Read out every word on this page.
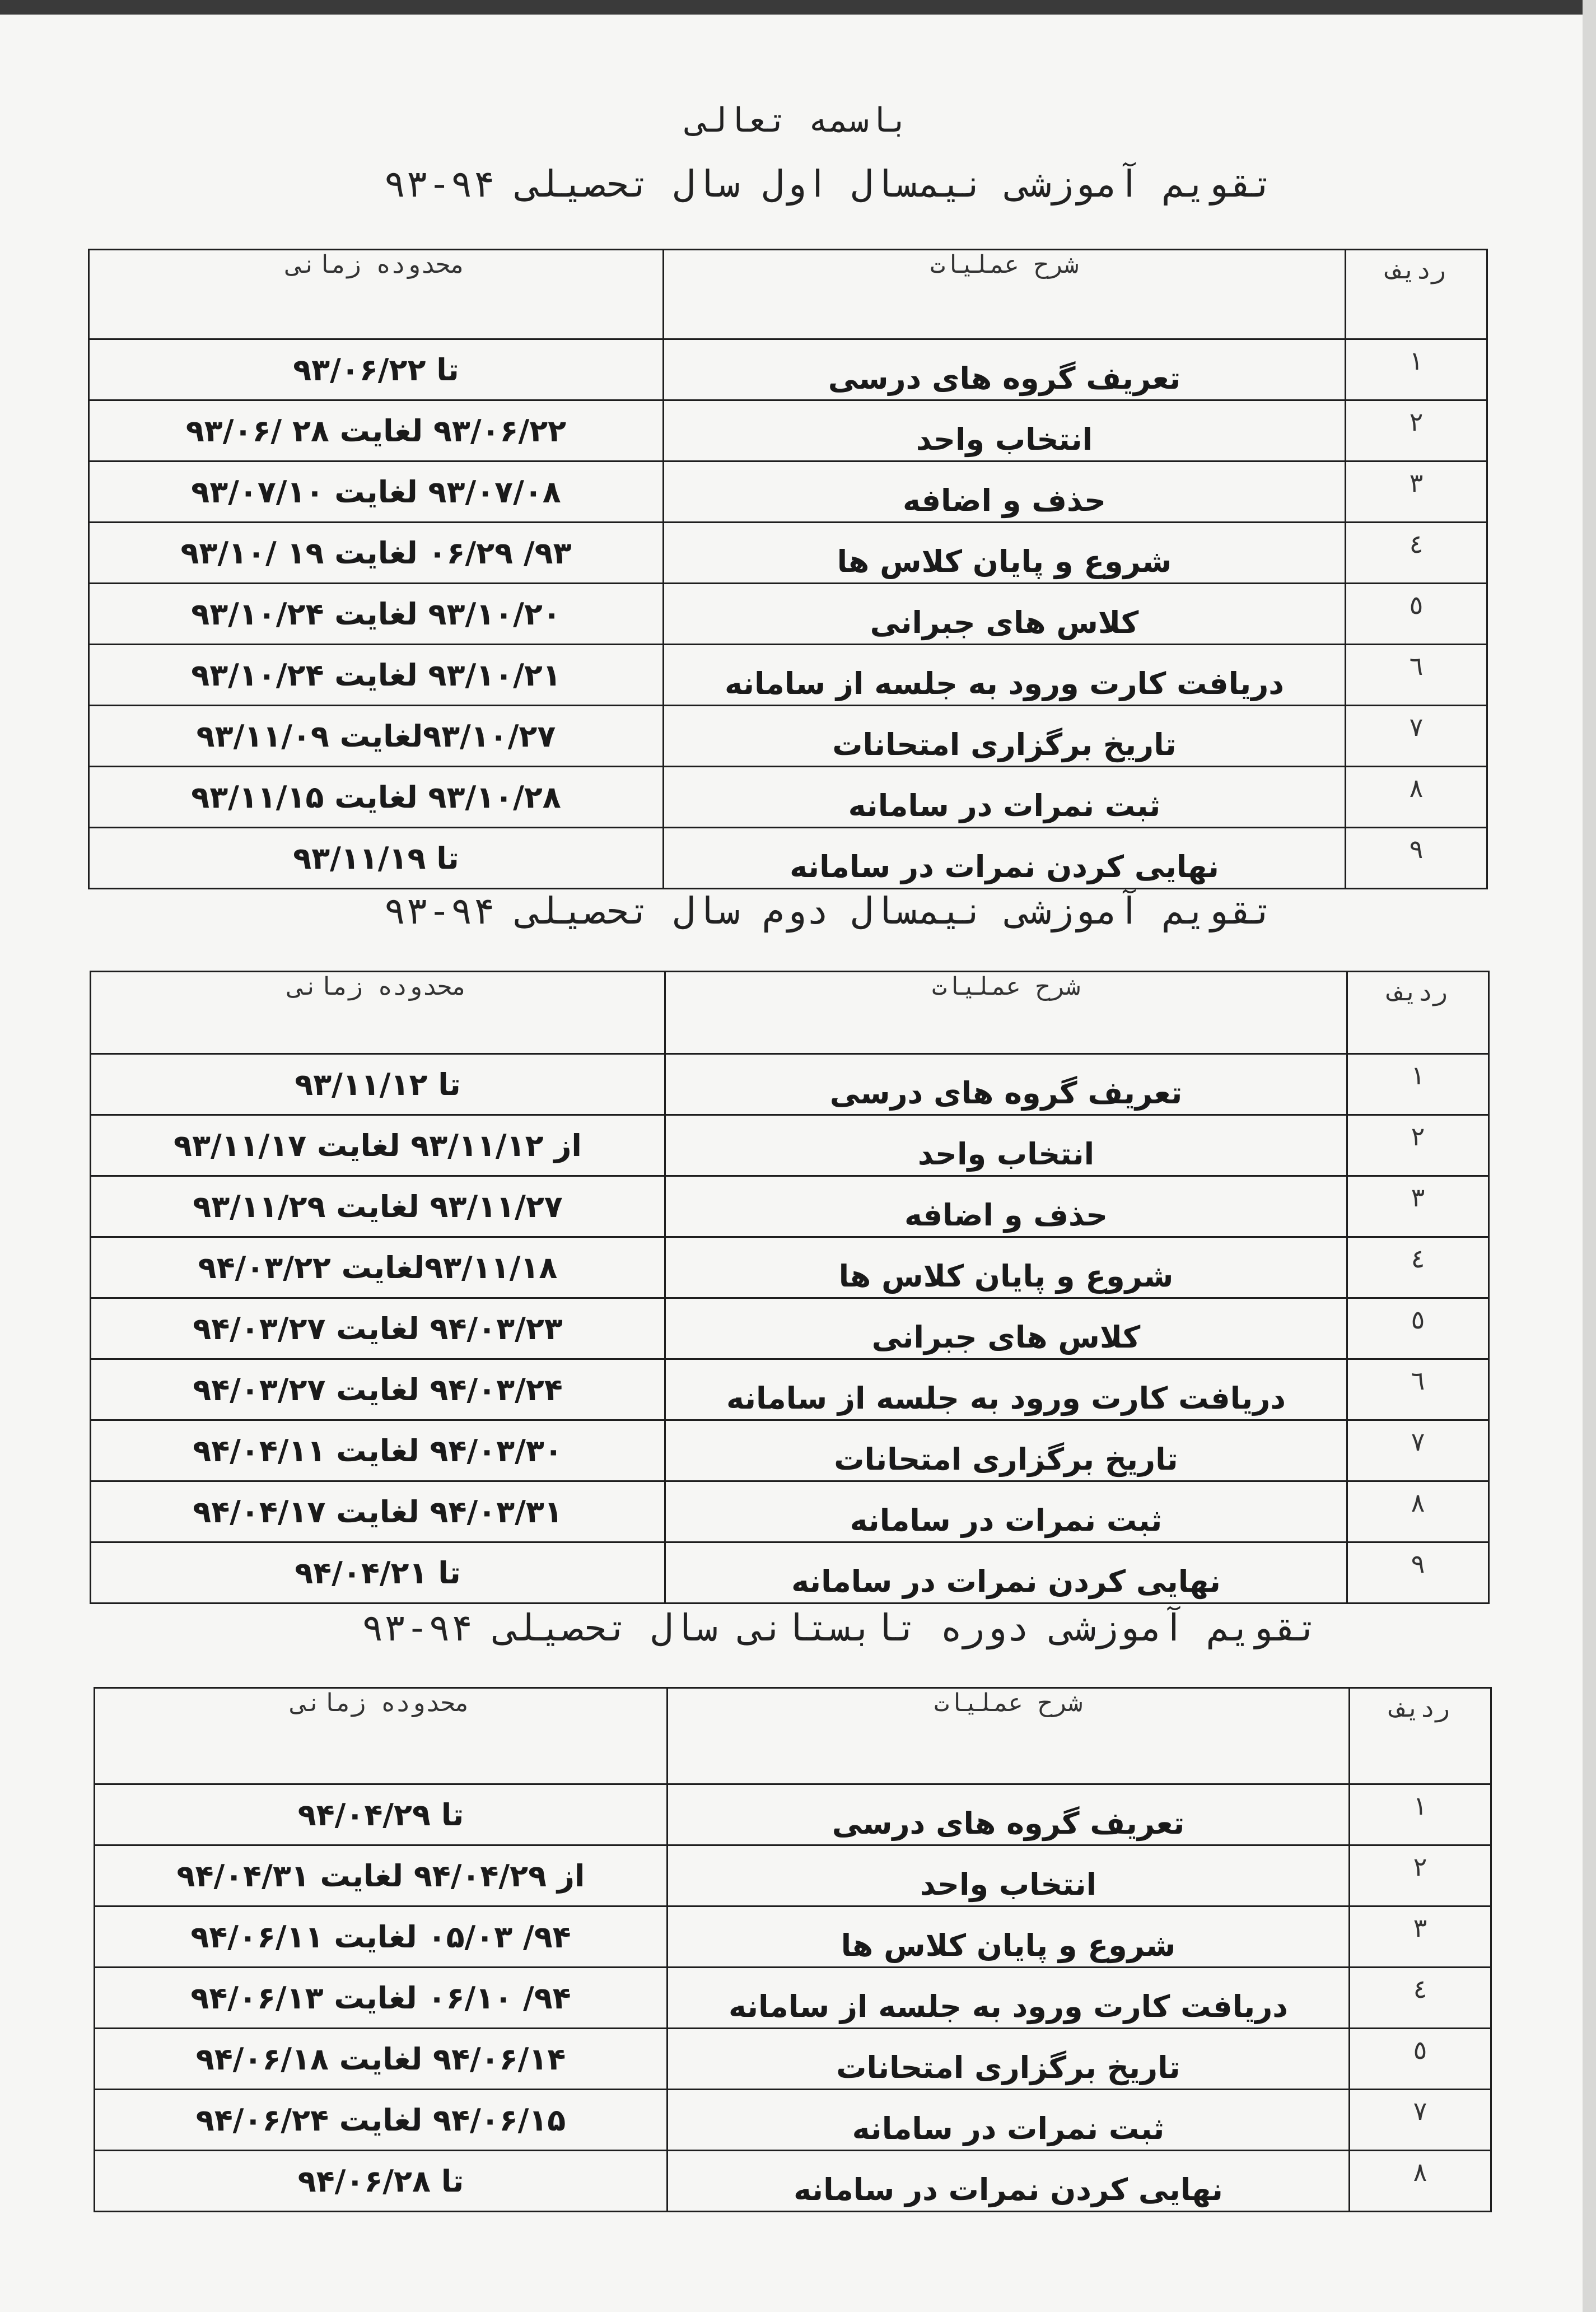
باسمه تعالی
تقویم آموزشی نیمسال اول سال تحصیلی ۹۴-۹۳
ردیف	شرح عملیات	محدوده زمانی
۱	تعریف گروه های درسی	تا ۹۳/۰۶/۲۲
۲	انتخاب واحد	۹۳/۰۶/۲۲ لغایت ۲۸ /۹۳/۰۶
۳	حذف و اضافه	۹۳/۰۷/۰۸ لغایت ۹۳/۰۷/۱۰
٤	شروع و پایان کلاس ها	۹۳/ ۰۶/۲۹ لغایت ۱۹ /۹۳/۱۰
٥	کلاس های جبرانی	۹۳/۱۰/۲۰ لغایت ۹۳/۱۰/۲۴
٦	دریافت کارت ورود به جلسه از سامانه	۹۳/۱۰/۲۱ لغایت ۹۳/۱۰/۲۴
۷	تاریخ برگزاری امتحانات	۹۳/۱۰/۲۷لغایت ۹۳/۱۱/۰۹
۸	ثبت نمرات در سامانه	۹۳/۱۰/۲۸ لغایت ۹۳/۱۱/۱۵
۹	نهایی کردن نمرات در سامانه	تا ۹۳/۱۱/۱۹
تقویم آموزشی نیمسال دوم سال تحصیلی ۹۴-۹۳
ردیف	شرح عملیات	محدوده زمانی
۱	تعریف گروه های درسی	تا ۹۳/۱۱/۱۲
۲	انتخاب واحد	از ۹۳/۱۱/۱۲ لغایت ۹۳/۱۱/۱۷
۳	حذف و اضافه	۹۳/۱۱/۲۷ لغایت ۹۳/۱۱/۲۹
٤	شروع و پایان کلاس ها	۹۳/۱۱/۱۸لغایت ۹۴/۰۳/۲۲
٥	کلاس های جبرانی	۹۴/۰۳/۲۳ لغایت ۹۴/۰۳/۲۷
٦	دریافت کارت ورود به جلسه از سامانه	۹۴/۰۳/۲۴ لغایت ۹۴/۰۳/۲۷
۷	تاریخ برگزاری امتحانات	۹۴/۰۳/۳۰ لغایت ۹۴/۰۴/۱۱
۸	ثبت نمرات در سامانه	۹۴/۰۳/۳۱ لغایت ۹۴/۰۴/۱۷
۹	نهایی کردن نمرات در سامانه	تا ۹۴/۰۴/۲۱
تقویم آموزشی دوره تابستانی سال تحصیلی ۹۴-۹۳
ردیف	شرح عملیات	محدوده زمانی
۱	تعریف گروه های درسی	تا ۹۴/۰۴/۲۹
۲	انتخاب واحد	از ۹۴/۰۴/۲۹ لغایت ۹۴/۰۴/۳۱
۳	شروع و پایان کلاس ها	۹۴/ ۰۵/۰۳ لغایت ۹۴/۰۶/۱۱
٤	دریافت کارت ورود به جلسه از سامانه	۹۴/ ۰۶/۱۰ لغایت ۹۴/۰۶/۱۳
٥	تاریخ برگزاری امتحانات	۹۴/۰۶/۱۴ لغایت ۹۴/۰۶/۱۸
۷	ثبت نمرات در سامانه	۹۴/۰۶/۱۵ لغایت ۹۴/۰۶/۲۴
۸	نهایی کردن نمرات در سامانه	تا ۹۴/۰۶/۲۸
